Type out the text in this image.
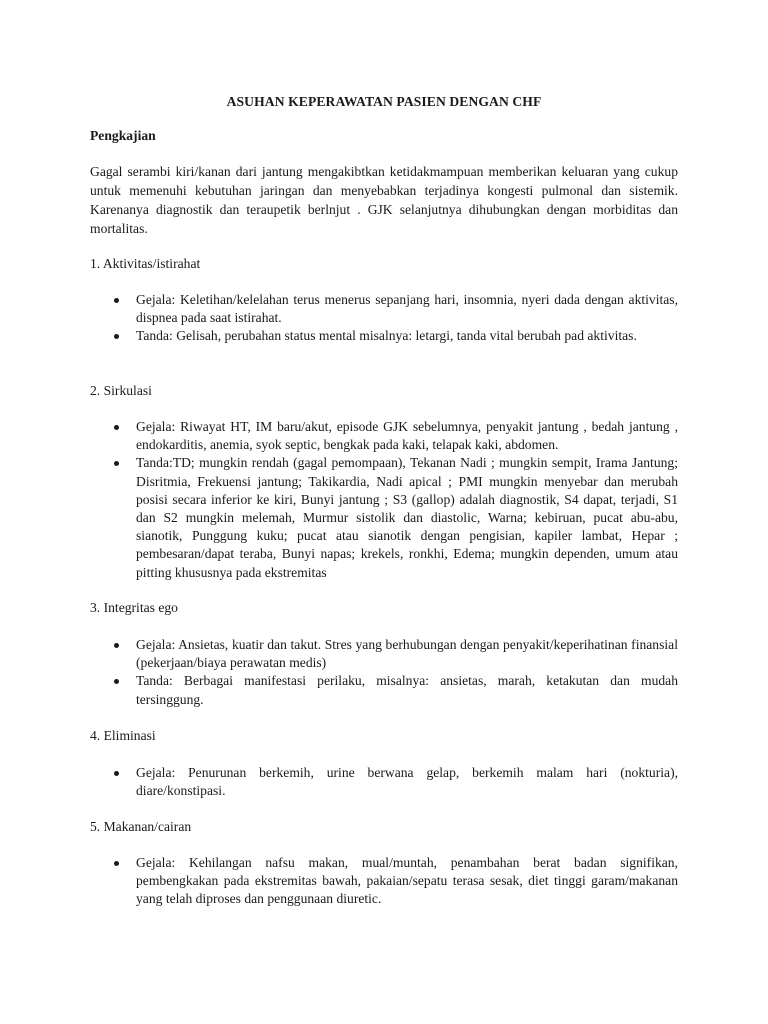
ASUHAN KEPERAWATAN PASIEN DENGAN CHF
Pengkajian

Gagal serambi kiri/kanan dari jantung mengakibtkan ketidakmampuan memberikan keluaran yang cukup untuk memenuhi kebutuhan jaringan dan menyebabkan terjadinya kongesti pulmonal dan sistemik. Karenanya diagnostik dan teraupetik berlnjut . GJK selanjutnya dihubungkan dengan morbiditas dan mortalitas.

1. Aktivitas/istirahat
Gejala: Keletihan/kelelahan terus menerus sepanjang hari, insomnia, nyeri dada dengan aktivitas, dispnea pada saat istirahat.
Tanda: Gelisah, perubahan status mental misalnya: letargi, tanda vital berubah pad aktivitas.
2. Sirkulasi
Gejala: Riwayat HT, IM baru/akut, episode GJK sebelumnya, penyakit jantung , bedah jantung , endokarditis, anemia, syok septic, bengkak pada kaki, telapak kaki, abdomen.
Tanda:TD; mungkin rendah (gagal pemompaan), Tekanan Nadi ; mungkin sempit, Irama Jantung; Disritmia, Frekuensi jantung; Takikardia, Nadi apical ; PMI mungkin menyebar dan merubah posisi secara inferior ke kiri, Bunyi jantung ; S3 (gallop) adalah diagnostik, S4 dapat, terjadi, S1 dan S2 mungkin melemah, Murmur sistolik dan diastolic, Warna; kebiruan, pucat abu-abu, sianotik, Punggung kuku; pucat atau sianotik dengan pengisian, kapiler lambat, Hepar ; pembesaran/dapat teraba, Bunyi napas; krekels, ronkhi, Edema; mungkin dependen, umum atau pitting khususnya pada ekstremitas
3. Integritas ego
Gejala: Ansietas, kuatir dan takut. Stres yang berhubungan dengan penyakit/keperihatinan finansial (pekerjaan/biaya perawatan medis)
Tanda: Berbagai manifestasi perilaku, misalnya: ansietas, marah, ketakutan dan mudah tersinggung.
4. Eliminasi
Gejala: Penurunan berkemih, urine berwana gelap, berkemih malam hari (nokturia), diare/konstipasi.
5. Makanan/cairan
Gejala: Kehilangan nafsu makan, mual/muntah, penambahan berat badan signifikan, pembengkakan pada ekstremitas bawah, pakaian/sepatu terasa sesak, diet tinggi garam/makanan yang telah diproses dan penggunaan diuretic.
